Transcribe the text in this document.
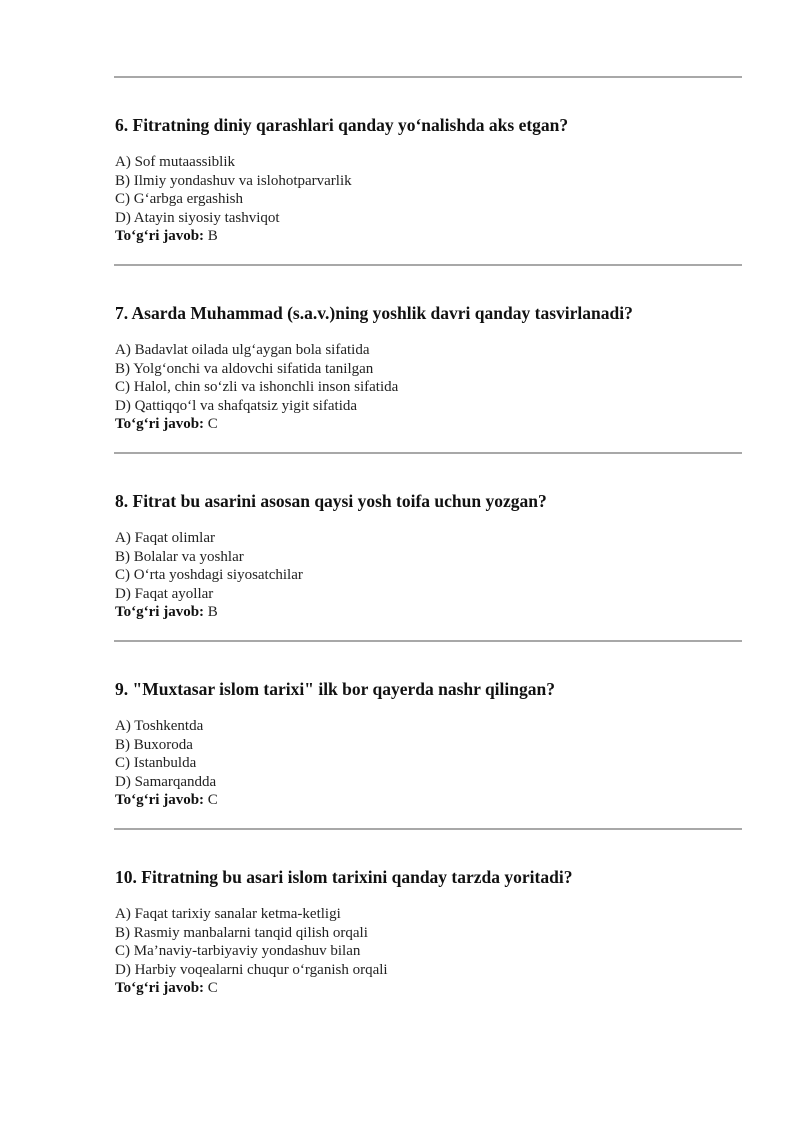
6. Fitratning diniy qarashlari qanday yo‘nalishda aks etgan?
A) Sof mutaassiblik
B) Ilmiy yondashuv va islohotparvarlik
C) G‘arbga ergashish
D) Atayin siyosiy tashviqot
To‘g‘ri javob: B
7. Asarda Muhammad (s.a.v.)ning yoshlik davri qanday tasvirlanadi?
A) Badavlat oilada ulg‘aygan bola sifatida
B) Yolg‘onchi va aldovchi sifatida tanilgan
C) Halol, chin so‘zli va ishonchli inson sifatida
D) Qattiqqo‘l va shafqatsiz yigit sifatida
To‘g‘ri javob: C
8. Fitrat bu asarini asosan qaysi yosh toifa uchun yozgan?
A) Faqat olimlar
B) Bolalar va yoshlar
C) O‘rta yoshdagi siyosatchilar
D) Faqat ayollar
To‘g‘ri javob: B
9. "Muxtasar islom tarixi" ilk bor qayerda nashr qilingan?
A) Toshkentda
B) Buxoroda
C) Istanbulda
D) Samarqandda
To‘g‘ri javob: C
10. Fitratning bu asari islom tarixini qanday tarzda yoritadi?
A) Faqat tarixiy sanalar ketma-ketligi
B) Rasmiy manbalarni tanqid qilish orqali
C) Ma’naviy-tarbiyaviy yondashuv bilan
D) Harbiy voqealarni chuqur o‘rganish orqali
To‘g‘ri javob: C
